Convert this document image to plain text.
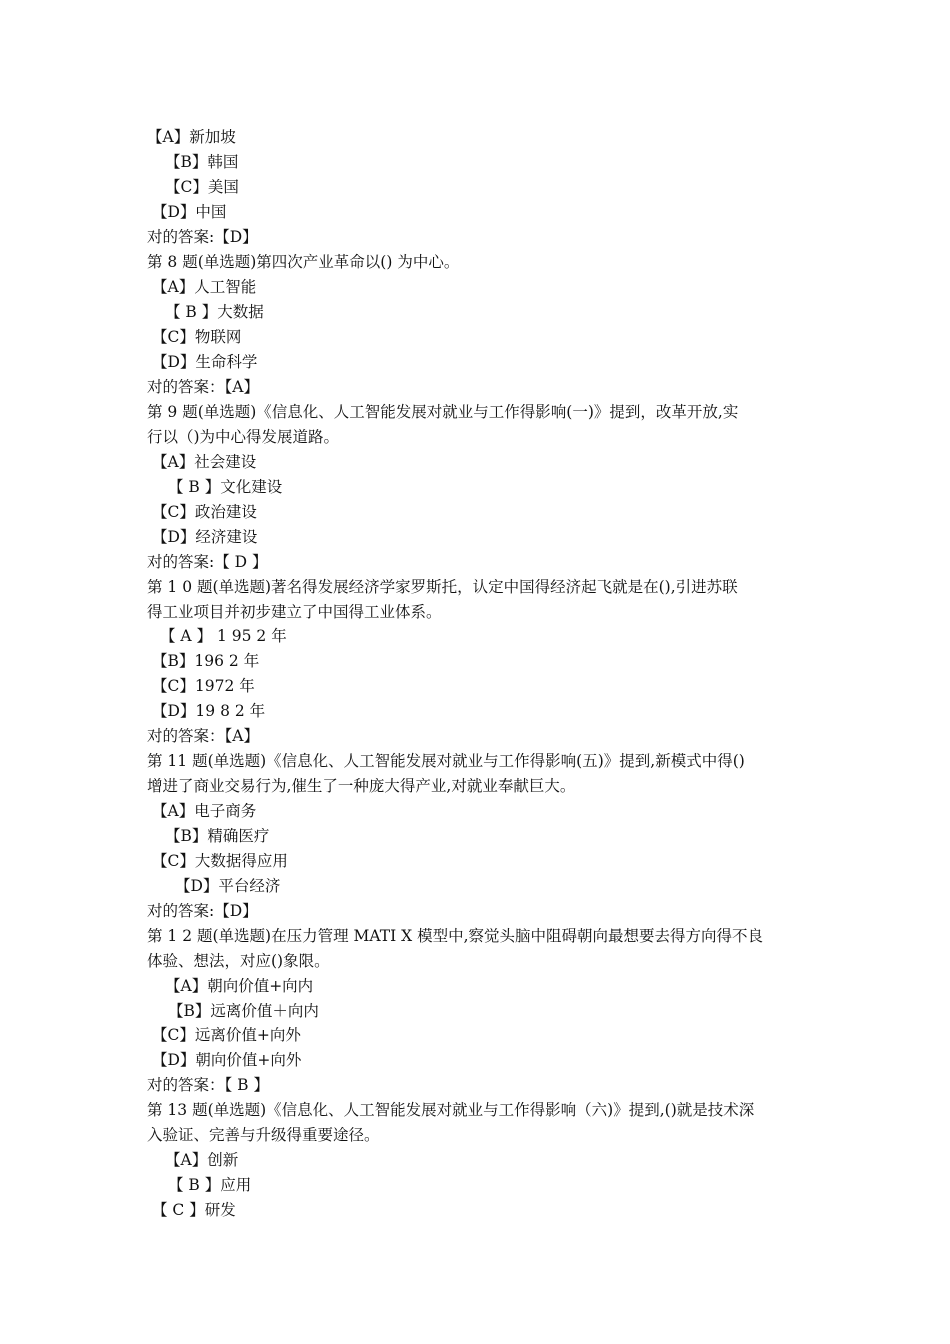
【A】新加坡
【B】韩国
【C】美国
【D】中国
对的答案:【D】
第 8 题(单选题)第四次产业革命以() 为中心。
【A】人工智能
【 B 】大数据
【C】物联网
【D】生命科学
对的答案：【A】
第 9 题(单选题)《信息化、人工智能发展对就业与工作得影响(一)》提到，改革开放,实
行以（)为中心得发展道路。
【A】社会建设
【 B 】文化建设
【C】政治建设
【D】经济建设
对的答案:【 D 】
第 1 0 题(单选题)著名得发展经济学家罗斯托，认定中国得经济起飞就是在(),引进苏联
得工业项目并初步建立了中国得工业体系。
【 A 】 1 95 2 年
【B】196 2 年
【C】1972 年
【D】19 8 2 年
对的答案：【A】
第 11 题(单选题)《信息化、人工智能发展对就业与工作得影响(五)》提到,新模式中得()
增进了商业交易行为,催生了一种庞大得产业,对就业奉献巨大。
【A】电子商务
【B】精确医疗
【C】大数据得应用
【D】平台经济
对的答案:【D】
第 1 2 题(单选题)在压力管理 MATI X 模型中,察觉头脑中阻碍朝向最想要去得方向得不良
体验、想法，对应()象限。
【A】朝向价值+向内
【B】远离价值＋向内
【C】远离价值+向外
【D】朝向价值+向外
对的答案：【 B 】
第 13 题(单选题)《信息化、人工智能发展对就业与工作得影响（六)》提到,()就是技术深
入验证、完善与升级得重要途径。
【A】创新
【 B 】应用
【 C 】研发
